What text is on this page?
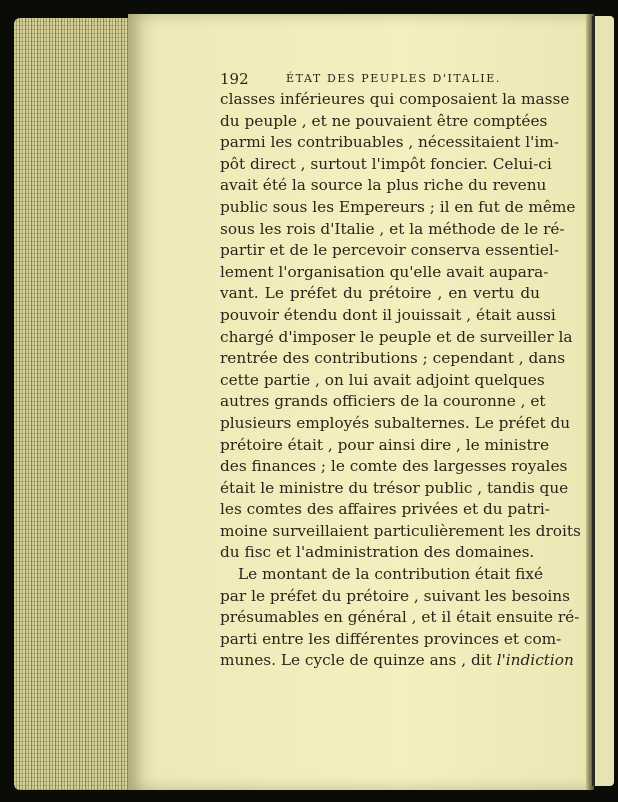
192	ÉTAT DES PEUPLES D'ITALIE.
classes inférieures qui composaient la masse
du peuple , et ne pouvaient être comptées
parmi les contribuables , nécessitaient l'im-
pôt direct , surtout l'impôt foncier. Celui-ci
avait été la source la plus riche du revenu
public sous les Empereurs ; il en fut de même
sous les rois d'Italie , et la méthode de le ré-
partir et de le percevoir conserva essentiel-
lement l'organisation qu'elle avait aupara-
vant. Le préfet du prétoire , en vertu du
pouvoir étendu dont il jouissait , était aussi
chargé d'imposer le peuple et de surveiller la
rentrée des contributions ; cependant , dans
cette partie , on lui avait adjoint quelques
autres grands officiers de la couronne , et
plusieurs employés subalternes. Le préfet du
prétoire était , pour ainsi dire , le ministre
des finances ; le comte des largesses royales
était le ministre du trésor public , tandis que
les comtes des affaires privées et du patri-
moine surveillaient particulièrement les droits
du fisc et l'administration des domaines.
Le montant de la contribution était fixé
par le préfet du prétoire , suivant les besoins
présumables en général , et il était ensuite ré-
parti entre les différentes provinces et com-
munes. Le cycle de quinze ans , dit l'indiction
